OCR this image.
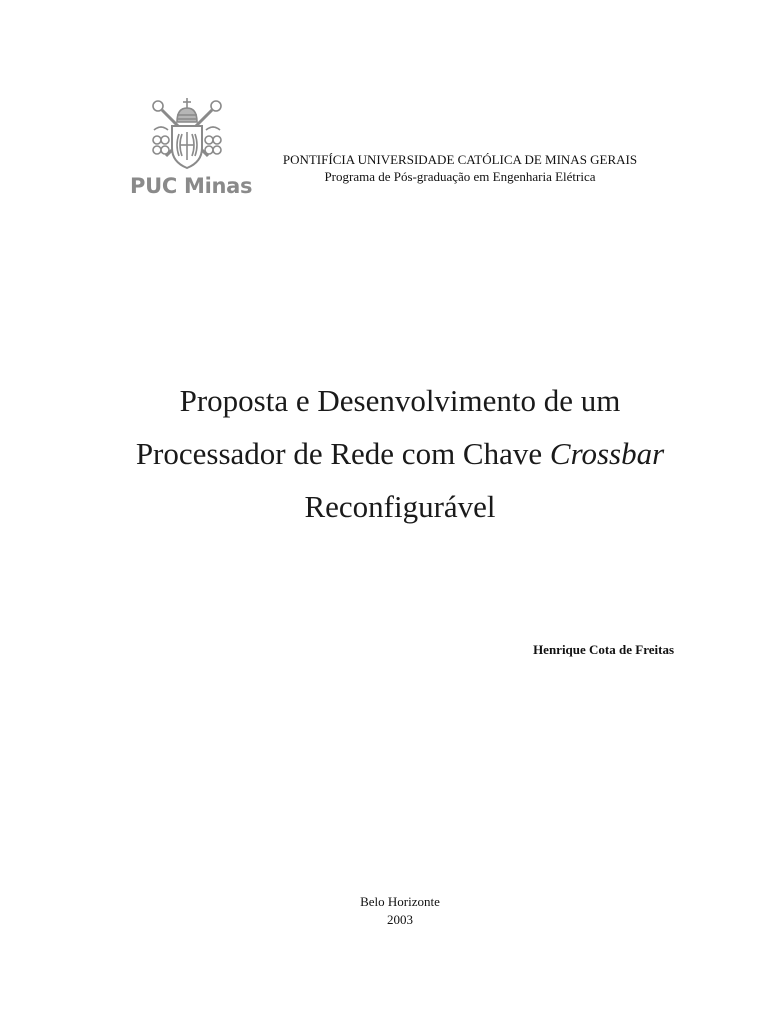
PUC Minas
PONTIFÍCIA UNIVERSIDADE CATÓLICA DE MINAS GERAIS
Programa de Pós-graduação em Engenharia Elétrica
Proposta e Desenvolvimento de um
Processador de Rede com Chave Crossbar
Reconfigurável
Henrique Cota de Freitas
Belo Horizonte
2003
